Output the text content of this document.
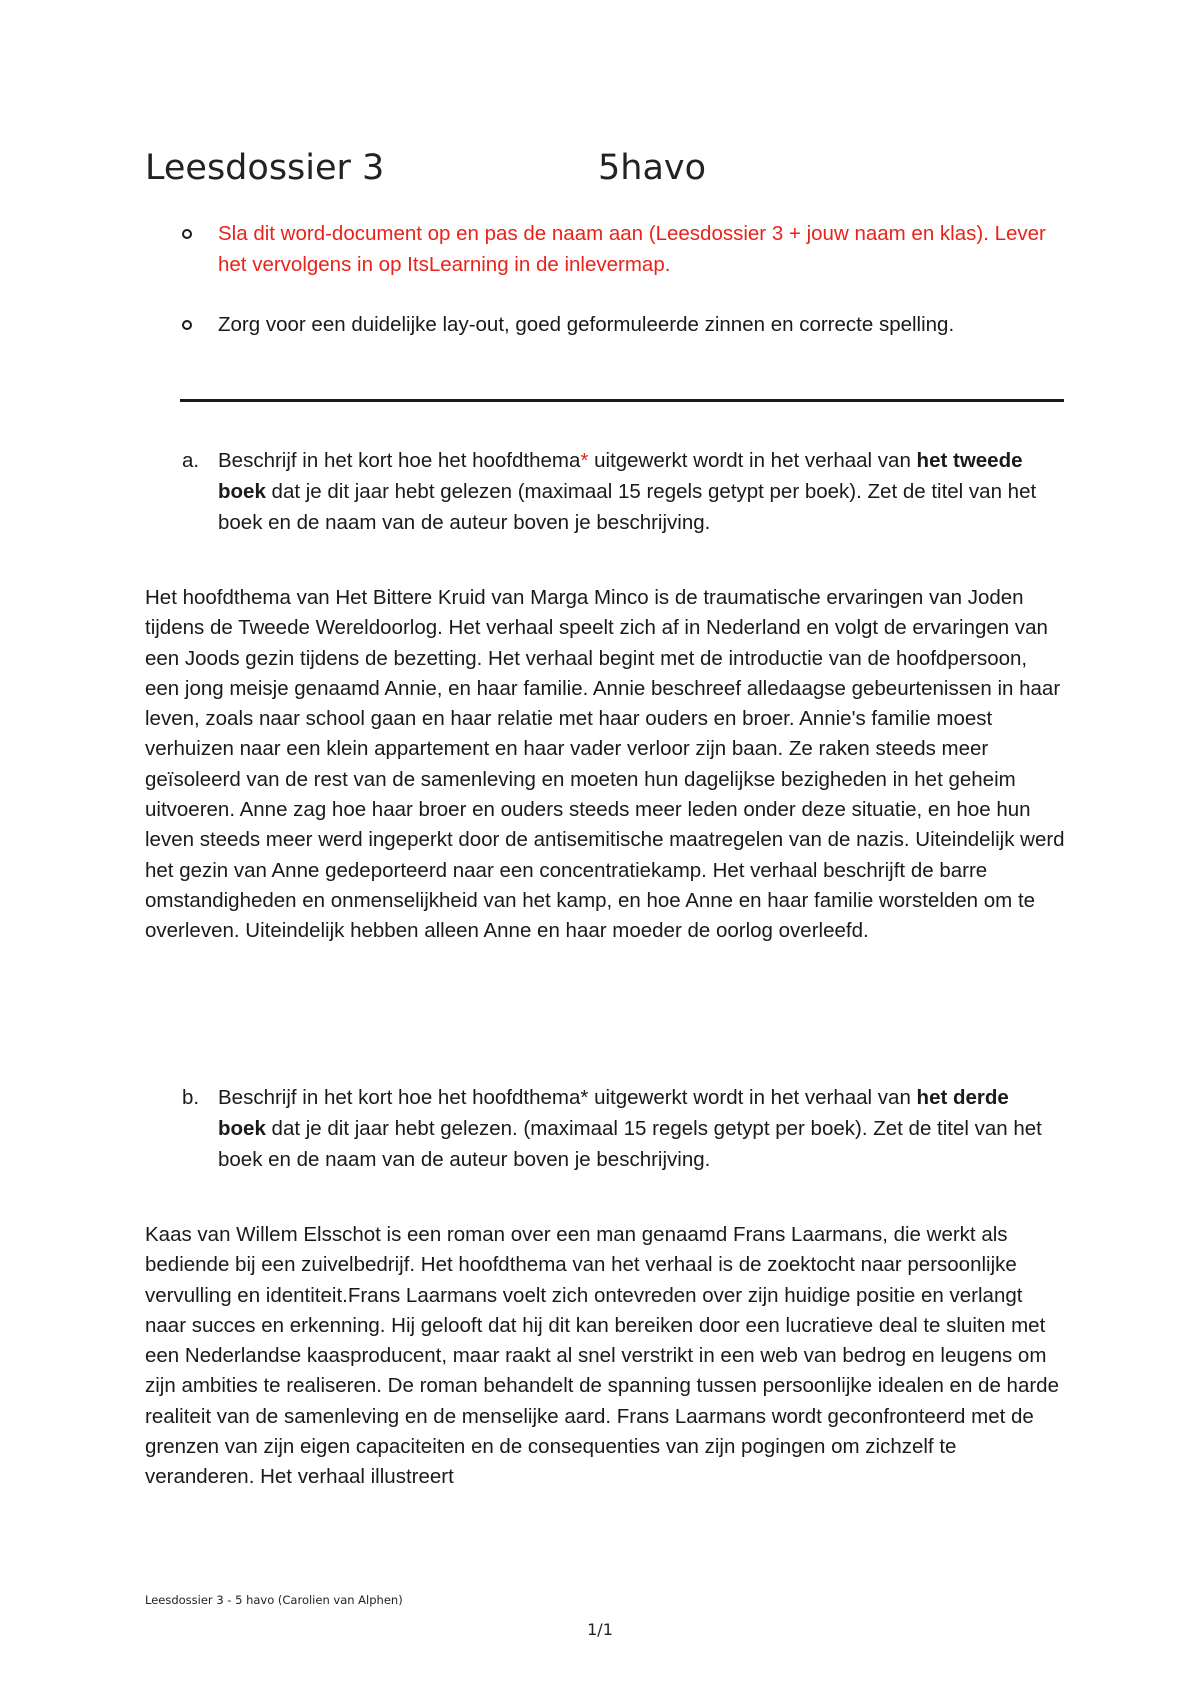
Leesdossier 3	5havo
Sla dit word-document op en pas de naam aan (Leesdossier 3 + jouw naam en klas). Lever het vervolgens in op ItsLearning in de inlevermap.
Zorg voor een duidelijke lay-out, goed geformuleerde zinnen en correcte spelling.
a. Beschrijf in het kort hoe het hoofdthema* uitgewerkt wordt in het verhaal van het tweede boek dat je dit jaar hebt gelezen (maximaal 15 regels getypt per boek). Zet de titel van het boek en de naam van de auteur boven je beschrijving.
Het hoofdthema van Het Bittere Kruid van Marga Minco is de traumatische ervaringen van Joden tijdens de Tweede Wereldoorlog. Het verhaal speelt zich af in Nederland en volgt de ervaringen van een Joods gezin tijdens de bezetting. Het verhaal begint met de introductie van de hoofdpersoon, een jong meisje genaamd Annie, en haar familie. Annie beschreef alledaagse gebeurtenissen in haar leven, zoals naar school gaan en haar relatie met haar ouders en broer. Annie's familie moest verhuizen naar een klein appartement en haar vader verloor zijn baan. Ze raken steeds meer geïsoleerd van de rest van de samenleving en moeten hun dagelijkse bezigheden in het geheim uitvoeren. Anne zag hoe haar broer en ouders steeds meer leden onder deze situatie, en hoe hun leven steeds meer werd ingeperkt door de antisemitische maatregelen van de nazis. Uiteindelijk werd het gezin van Anne gedeporteerd naar een concentratiekamp. Het verhaal beschrijft de barre omstandigheden en onmenselijkheid van het kamp, en hoe Anne en haar familie worstelden om te overleven. Uiteindelijk hebben alleen Anne en haar moeder de oorlog overleefd.
b. Beschrijf in het kort hoe het hoofdthema* uitgewerkt wordt in het verhaal van het derde boek dat je dit jaar hebt gelezen. (maximaal 15 regels getypt per boek). Zet de titel van het boek en de naam van de auteur boven je beschrijving.
Kaas van Willem Elsschot is een roman over een man genaamd Frans Laarmans, die werkt als bediende bij een zuivelbedrijf. Het hoofdthema van het verhaal is de zoektocht naar persoonlijke vervulling en identiteit.Frans Laarmans voelt zich ontevreden over zijn huidige positie en verlangt naar succes en erkenning. Hij gelooft dat hij dit kan bereiken door een lucratieve deal te sluiten met een Nederlandse kaasproducent, maar raakt al snel verstrikt in een web van bedrog en leugens om zijn ambities te realiseren. De roman behandelt de spanning tussen persoonlijke idealen en de harde realiteit van de samenleving en de menselijke aard. Frans Laarmans wordt geconfronteerd met de grenzen van zijn eigen capaciteiten en de consequenties van zijn pogingen om zichzelf te veranderen. Het verhaal illustreert
Leesdossier 3 - 5 havo (Carolien van Alphen)
1/1
